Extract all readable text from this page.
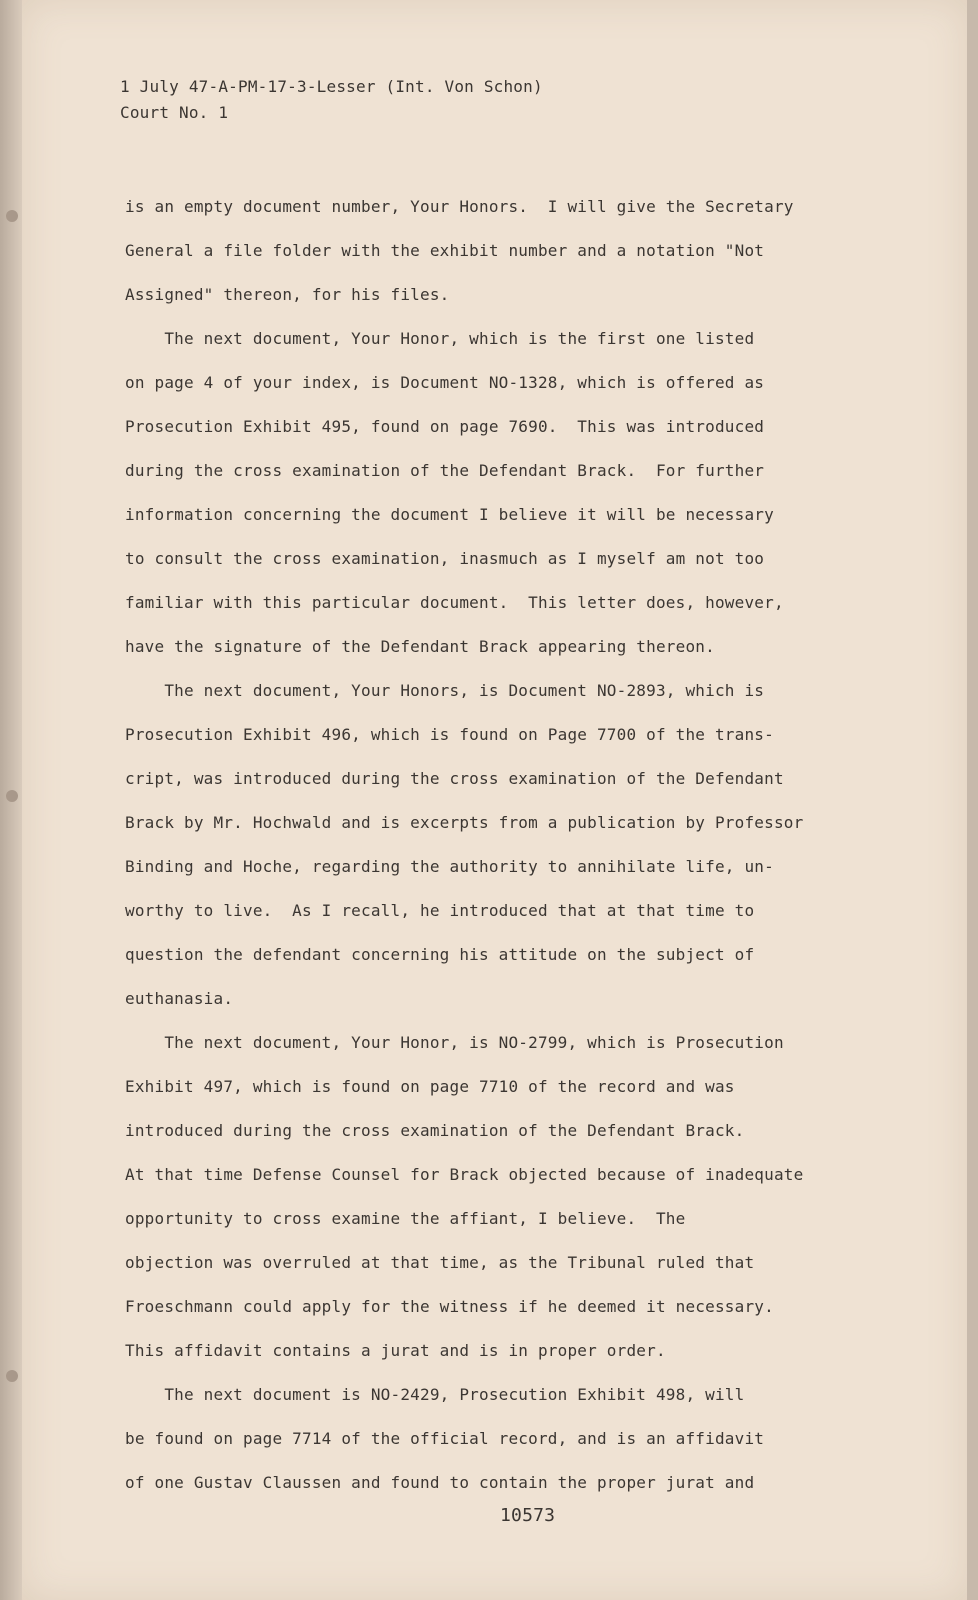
1 July 47-A-PM-17-3-Lesser (Int. Von Schon)
Court No. 1
is an empty document number, Your Honors.  I will give the Secretary
General a file folder with the exhibit number and a notation "Not
Assigned" thereon, for his files.
The next document, Your Honor, which is the first one listed
on page 4 of your index, is Document NO-1328, which is offered as
Prosecution Exhibit 495, found on page 7690.  This was introduced
during the cross examination of the Defendant Brack.  For further
information concerning the document I believe it will be necessary
to consult the cross examination, inasmuch as I myself am not too
familiar with this particular document.  This letter does, however,
have the signature of the Defendant Brack appearing thereon.
The next document, Your Honors, is Document NO-2893, which is
Prosecution Exhibit 496, which is found on Page 7700 of the trans-
cript, was introduced during the cross examination of the Defendant
Brack by Mr. Hochwald and is excerpts from a publication by Professor
Binding and Hoche, regarding the authority to annihilate life, un-
worthy to live.  As I recall, he introduced that at that time to
question the defendant concerning his attitude on the subject of
euthanasia.
The next document, Your Honor, is NO-2799, which is Prosecution
Exhibit 497, which is found on page 7710 of the record and was
introduced during the cross examination of the Defendant Brack.
At that time Defense Counsel for Brack objected because of inadequate
opportunity to cross examine the affiant, I believe.  The
objection was overruled at that time, as the Tribunal ruled that
Froeschmann could apply for the witness if he deemed it necessary.
This affidavit contains a jurat and is in proper order.
The next document is NO-2429, Prosecution Exhibit 498, will
be found on page 7714 of the official record, and is an affidavit
of one Gustav Claussen and found to contain the proper jurat and
10573
